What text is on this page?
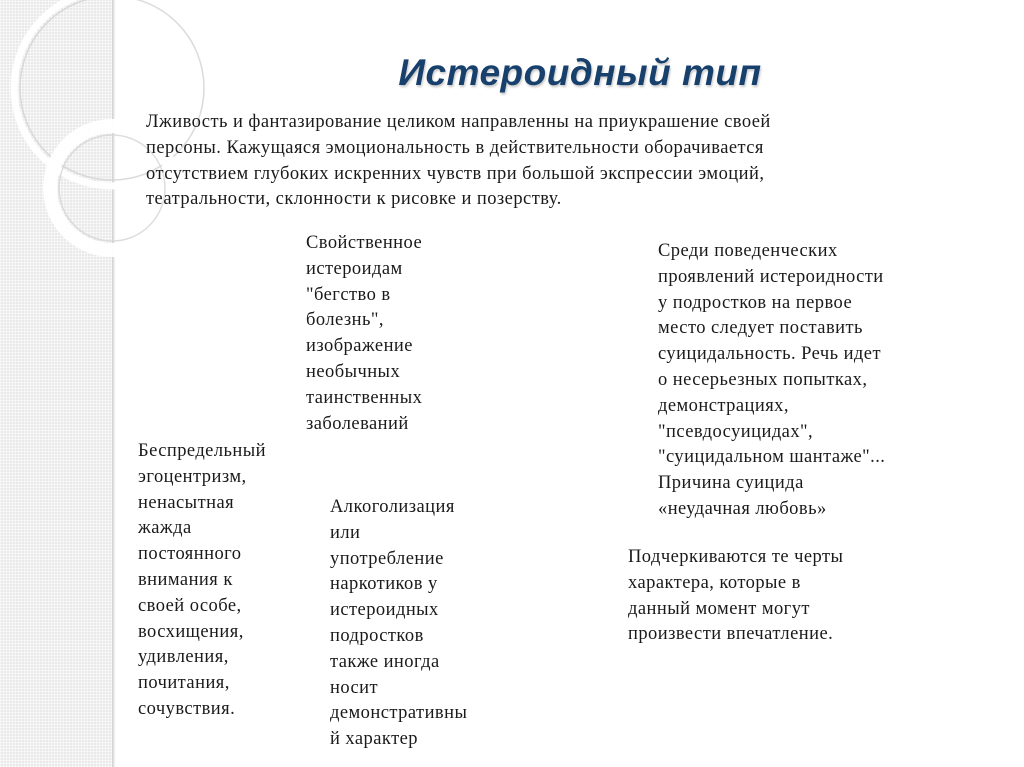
Истероидный тип

Лживость и фантазирование целиком направленны на приукрашение своей
персоны. Кажущаяся эмоциональность в действительности оборачивается
отсутствием глубоких искренних чувств при большой экспрессии эмоций,
театральности, склонности к рисовке и позерству.

Свойственное
истероидам
"бегство в
болезнь",
изображение
необычных
таинственных
заболеваний

Среди поведенческих
проявлений истероидности
у подростков на первое
место следует поставить
суицидальность. Речь идет
о несерьезных попытках,
демонстрациях,
"псевдосуицидах",
"суицидальном шантаже"...
Причина суицида
«неудачная любовь»

Беспредельный
эгоцентризм,
ненасытная
жажда
постоянного
внимания к
своей особе,
восхищения,
удивления,
почитания,
сочувствия.

Алкоголизация
или
употребление
наркотиков у
истероидных
подростков
также иногда
носит
демонстративны
й характер

Подчеркиваются те черты
характера, которые в
данный момент могут
произвести впечатление.
